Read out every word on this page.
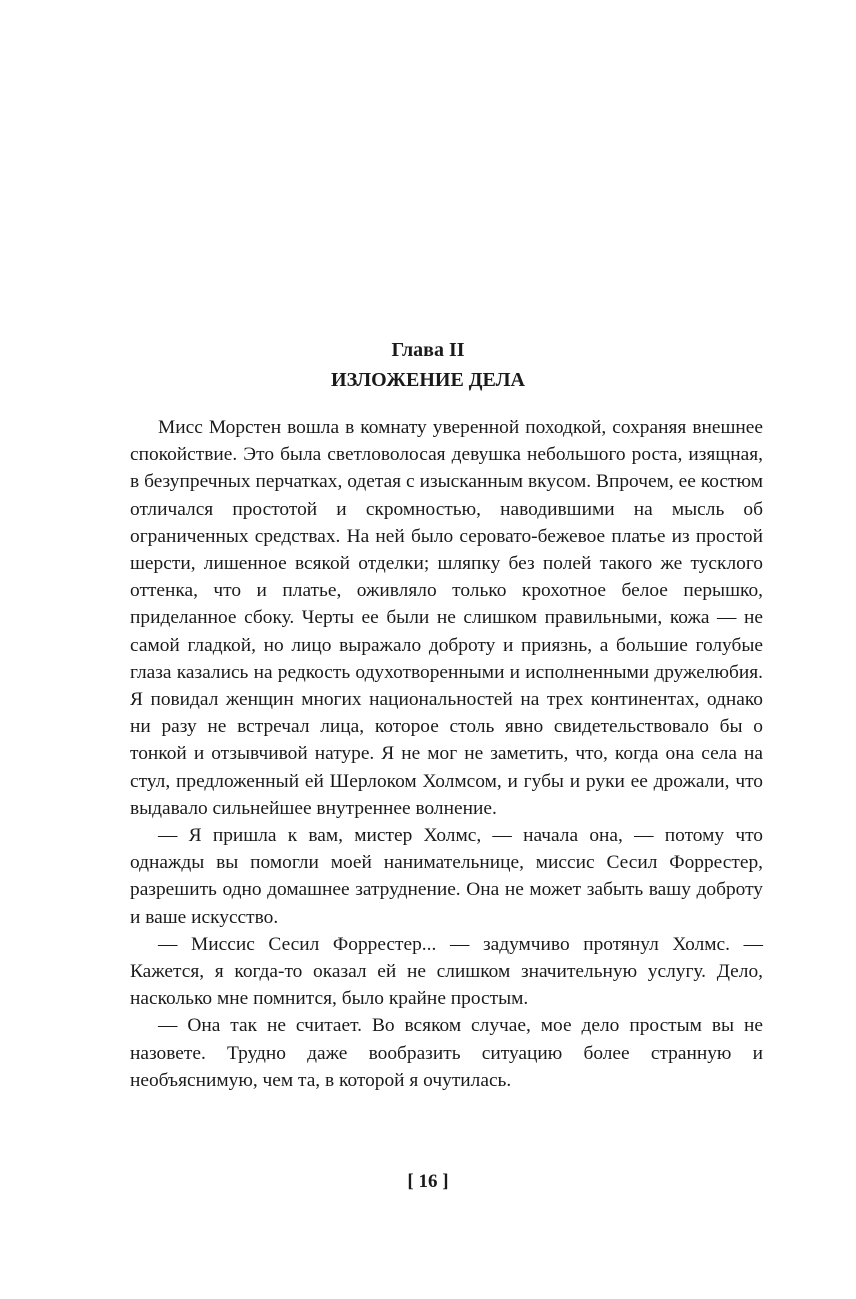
Глава II
ИЗЛОЖЕНИЕ ДЕЛА

Мисс Морстен вошла в комнату уверенной походкой, сохраняя внешнее спокойствие. Это была светловолосая девушка небольшого роста, изящная, в безупречных перчатках, одетая с изысканным вкусом. Впрочем, ее костюм отличался простотой и скромностью, наводившими на мысль об ограниченных средствах. На ней было серовато-бежевое платье из простой шерсти, лишенное всякой отделки; шляпку без полей такого же тусклого оттенка, что и платье, оживляло только крохотное белое перышко, приделанное сбоку. Черты ее были не слишком правильными, кожа — не самой гладкой, но лицо выражало доброту и приязнь, а большие голубые глаза казались на редкость одухотворенными и исполненными дружелюбия. Я повидал женщин многих национальностей на трех континентах, однако ни разу не встречал лица, которое столь явно свидетельствовало бы о тонкой и отзывчивой натуре. Я не мог не заметить, что, когда она села на стул, предложенный ей Шерлоком Холмсом, и губы и руки ее дрожали, что выдавало сильнейшее внутреннее волнение.

— Я пришла к вам, мистер Холмс, — начала она, — потому что однажды вы помогли моей нанимательнице, миссис Сесил Форрестер, разрешить одно домашнее затруднение. Она не может забыть вашу доброту и ваше искусство.

— Миссис Сесил Форрестер... — задумчиво протянул Холмс. — Кажется, я когда-то оказал ей не слишком значительную услугу. Дело, насколько мне помнится, было крайне простым.

— Она так не считает. Во всяком случае, мое дело простым вы не назовете. Трудно даже вообразить ситуацию более странную и необъяснимую, чем та, в которой я очутилась.

[ 16 ]
